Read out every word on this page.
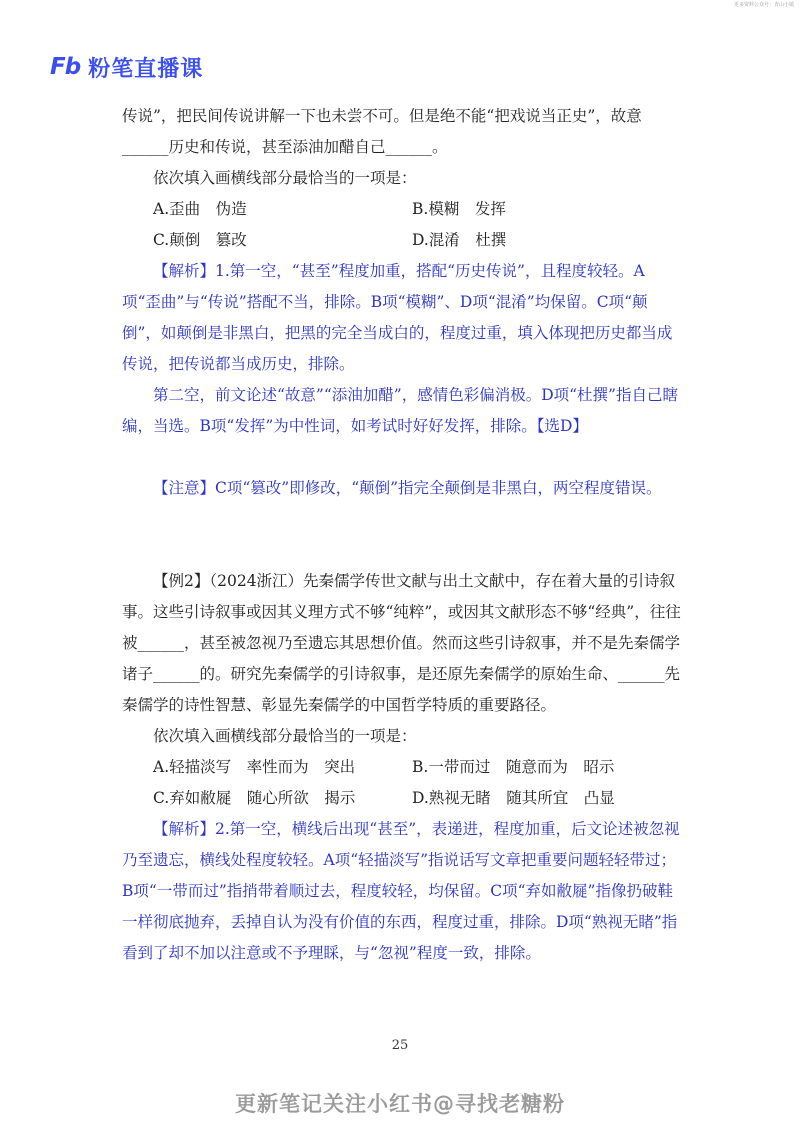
更多资料公众号：青山小镇
Fb 粉笔直播课

传说”，把民间传说讲解一下也未尝不可。但是绝不能“把戏说当正史”，故意

______历史和传说，甚至添油加醋自己______。

依次填入画横线部分最恰当的一项是：

A.歪曲　伪造	B.模糊　发挥
C.颠倒　篡改	D.混淆　杜撰

【解析】1.第一空，“甚至”程度加重，搭配“历史传说”，且程度较轻。A项“歪曲”与“传说”搭配不当，排除。B项“模糊”、D项“混淆”均保留。C项“颠倒”，如颠倒是非黑白，把黑的完全当成白的，程度过重，填入体现把历史都当成传说，把传说都当成历史，排除。

第二空，前文论述“故意”“添油加醋”，感情色彩偏消极。D项“杜撰”指自己瞎编，当选。B项“发挥”为中性词，如考试时好好发挥，排除。【选D】

【注意】C项“篡改”即修改，“颠倒”指完全颠倒是非黑白，两空程度错误。

【例2】（2024浙江）先秦儒学传世文献与出土文献中，存在着大量的引诗叙事。这些引诗叙事或因其义理方式不够“纯粹”，或因其文献形态不够“经典”，往往被______，甚至被忽视乃至遗忘其思想价值。然而这些引诗叙事，并不是先秦儒学诸子______的。研究先秦儒学的引诗叙事，是还原先秦儒学的原始生命、______先秦儒学的诗性智慧、彰显先秦儒学的中国哲学特质的重要路径。

依次填入画横线部分最恰当的一项是：

A.轻描淡写　率性而为　突出	B.一带而过　随意而为　昭示
C.弃如敝屣　随心所欲　揭示	D.熟视无睹　随其所宜　凸显

【解析】2.第一空，横线后出现“甚至”，表递进，程度加重，后文论述被忽视乃至遗忘，横线处程度较轻。A项“轻描淡写”指说话写文章把重要问题轻轻带过；B项“一带而过”指捎带着顺过去，程度较轻，均保留。C项“弃如敝屣”指像扔破鞋一样彻底抛弃，丢掉自认为没有价值的东西，程度过重，排除。D项“熟视无睹”指看到了却不加以注意或不予理睬，与“忽视”程度一致，排除。

25
更新笔记关注小红书@寻找老糖粉
